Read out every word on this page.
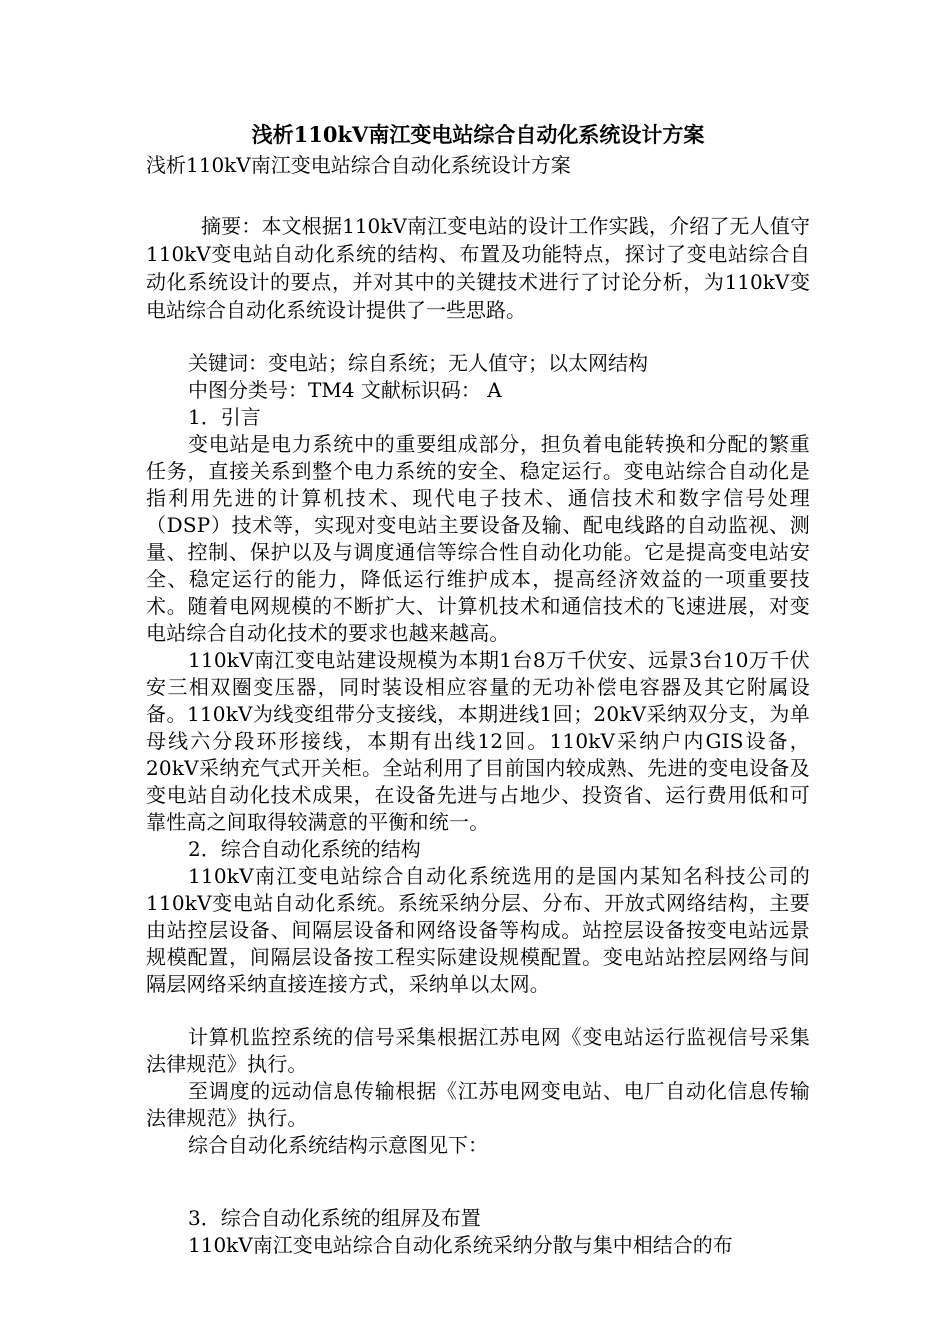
浅析110kV南江变电站综合自动化系统设计方案

浅析110kV南江变电站综合自动化系统设计方案

摘要：本文根据110kV南江变电站的设计工作实践，介绍了无人值守110kV变电站自动化系统的结构、布置及功能特点，探讨了变电站综合自动化系统设计的要点，并对其中的关键技术进行了讨论分析，为110kV变电站综合自动化系统设计提供了一些思路。

关键词：变电站；综自系统；无人值守；以太网结构

中图分类号：TM4 文献标识码： A

1．引言

变电站是电力系统中的重要组成部分，担负着电能转换和分配的繁重任务，直接关系到整个电力系统的安全、稳定运行。变电站综合自动化是指利用先进的计算机技术、现代电子技术、通信技术和数字信号处理（DSP）技术等，实现对变电站主要设备及输、配电线路的自动监视、测量、控制、保护以及与调度通信等综合性自动化功能。它是提高变电站安全、稳定运行的能力，降低运行维护成本，提高经济效益的一项重要技术。随着电网规模的不断扩大、计算机技术和通信技术的飞速进展，对变电站综合自动化技术的要求也越来越高。

110kV南江变电站建设规模为本期1台8万千伏安、远景3台10万千伏安三相双圈变压器，同时装设相应容量的无功补偿电容器及其它附属设备。110kV为线变组带分支接线，本期进线1回；20kV采纳双分支，为单母线六分段环形接线，本期有出线12回。110kV采纳户内GIS设备，20kV采纳充气式开关柜。全站利用了目前国内较成熟、先进的变电设备及变电站自动化技术成果，在设备先进与占地少、投资省、运行费用低和可靠性高之间取得较满意的平衡和统一。

2．综合自动化系统的结构

110kV南江变电站综合自动化系统选用的是国内某知名科技公司的110kV变电站自动化系统。系统采纳分层、分布、开放式网络结构，主要由站控层设备、间隔层设备和网络设备等构成。站控层设备按变电站远景规模配置，间隔层设备按工程实际建设规模配置。变电站站控层网络与间隔层网络采纳直接连接方式，采纳单以太网。

计算机监控系统的信号采集根据江苏电网《变电站运行监视信号采集法律规范》执行。

至调度的远动信息传输根据《江苏电网变电站、电厂自动化信息传输法律规范》执行。

综合自动化系统结构示意图见下：

3．综合自动化系统的组屏及布置

110kV南江变电站综合自动化系统采纳分散与集中相结合的布
